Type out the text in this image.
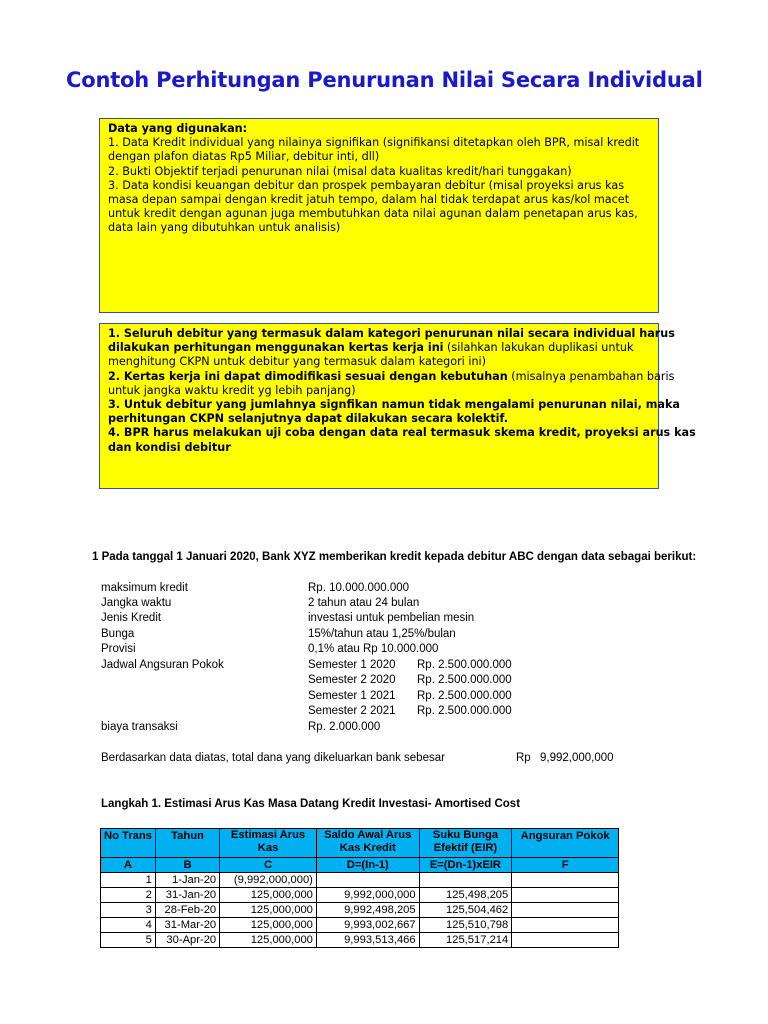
Contoh Perhitungan Penurunan Nilai Secara Individual
Data yang digunakan:
1. Data Kredit individual yang nilainya signifikan (signifikansi ditetapkan oleh BPR, misal kredit
dengan plafon diatas Rp5 Miliar, debitur inti, dll)
2. Bukti Objektif terjadi penurunan nilai (misal data kualitas kredit/hari tunggakan)
3. Data kondisi keuangan debitur dan prospek pembayaran debitur (misal proyeksi arus kas
masa depan sampai dengan kredit jatuh tempo, dalam hal tidak terdapat arus kas/kol macet
untuk kredit dengan agunan juga membutuhkan data nilai agunan dalam penetapan arus kas,
data lain yang dibutuhkan untuk analisis)
1. Seluruh debitur yang termasuk dalam kategori penurunan nilai secara individual harus
dilakukan perhitungan menggunakan kertas kerja ini (silahkan lakukan duplikasi untuk
menghitung CKPN untuk debitur yang termasuk dalam kategori ini)
2. Kertas kerja ini dapat dimodifikasi sesuai dengan kebutuhan (misalnya penambahan baris
untuk jangka waktu kredit yg lebih panjang)
3. Untuk debitur yang jumlahnya signfikan namun tidak mengalami penurunan nilai, maka
perhitungan CKPN selanjutnya dapat dilakukan secara kolektif.
4. BPR harus melakukan uji coba dengan data real termasuk skema kredit, proyeksi arus kas
dan kondisi debitur
1 Pada tanggal 1 Januari 2020, Bank XYZ memberikan kredit kepada debitur ABC dengan data sebagai berikut:
maksimum kredit	Rp. 10.000.000.000
Jangka waktu	2 tahun atau 24 bulan
Jenis Kredit	investasi untuk pembelian mesin
Bunga	15%/tahun atau 1,25%/bulan
Provisi	0,1% atau Rp 10.000.000
Jadwal Angsuran Pokok	Semester 1 2020 Rp. 2.500.000.000
Semester 2 2020 Rp. 2.500.000.000
Semester 1 2021 Rp. 2.500.000.000
Semester 2 2021 Rp. 2.500.000.000
biaya transaksi	Rp. 2.000.000
Berdasarkan data diatas, total dana yang dikeluarkan bank sebesar	Rp 9,992,000,000
Langkah 1. Estimasi Arus Kas Masa Datang Kredit Investasi- Amortised Cost
No Trans	Tahun	Estimasi Arus Kas	Saldo Awal Arus Kas Kredit	Suku Bunga Efektif (EIR)	Angsuran Pokok
A	B	C	D=(In-1)	E=(Dn-1)xEIR	F
1	1-Jan-20	(9,992,000,000)			
2	31-Jan-20	125,000,000	9,992,000,000	125,498,205	
3	28-Feb-20	125,000,000	9,992,498,205	125,504,462	
4	31-Mar-20	125,000,000	9,993,002,667	125,510,798	
5	30-Apr-20	125,000,000	9,993,513,466	125,517,214	
